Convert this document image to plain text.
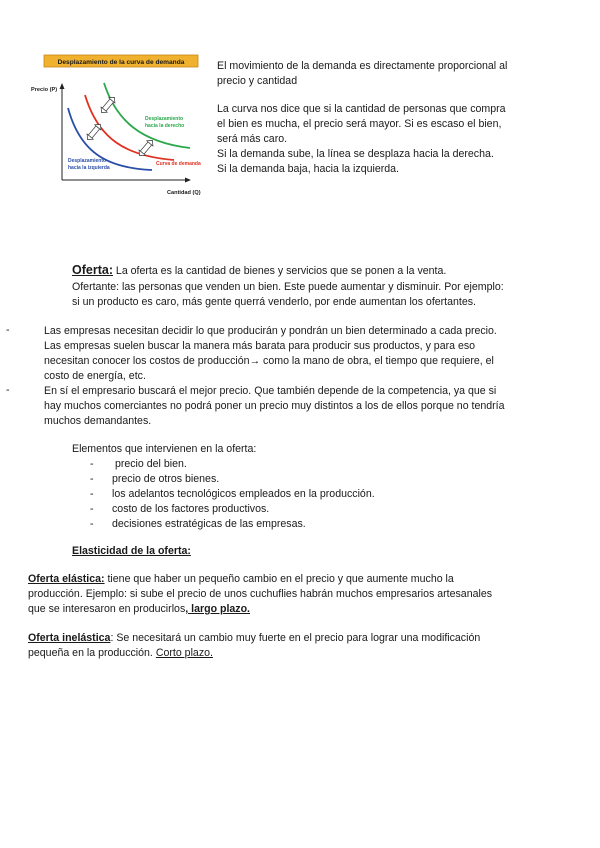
Desplazamiento de la curva de demanda
Precio (P)
Cantidad (Q)
Desplazamiento
hacia la derecho
Curva de demanda
Desplazamiento
hacia la izquierda
El movimiento de la demanda es directamente proporcional al
precio y cantidad
La curva nos dice que si la cantidad de personas que compra
el bien es mucha, el precio será mayor. Si es escaso el bien,
será más caro.
Si la demanda sube, la línea se desplaza hacia la derecha.
Si la demanda baja, hacia la izquierda.
Oferta: La oferta es la cantidad de bienes y servicios que se ponen a la venta.
Ofertante: las personas que venden un bien. Este puede aumentar y disminuir. Por ejemplo:
si un producto es caro, más gente querrá venderlo, por ende aumentan los ofertantes.
-	Las empresas necesitan decidir lo que producirán y pondrán un bien determinado a cada precio.
Las empresas suelen buscar la manera más barata para producir sus productos, y para eso
necesitan conocer los costos de producción→ como la mano de obra, el tiempo que requiere, el
costo de energía, etc.
-	En sí el empresario buscará el mejor precio. Que también depende de la competencia, ya que si
hay muchos comerciantes no podrá poner un precio muy distintos a los de ellos porque no tendría
muchos demandantes.
Elementos que intervienen en la oferta:
- precio del bien.
- precio de otros bienes.
- los adelantos tecnológicos empleados en la producción.
- costo de los factores productivos.
- decisiones estratégicas de las empresas.
Elasticidad de la oferta:
Oferta elástica: tiene que haber un pequeño cambio en el precio y que aumente mucho la
producción. Ejemplo: si sube el precio de unos cuchuflies habrán muchos empresarios artesanales
que se interesaron en producirlos, largo plazo.
Oferta inelástica: Se necesitará un cambio muy fuerte en el precio para lograr una modificación
pequeña en la producción. Corto plazo.
